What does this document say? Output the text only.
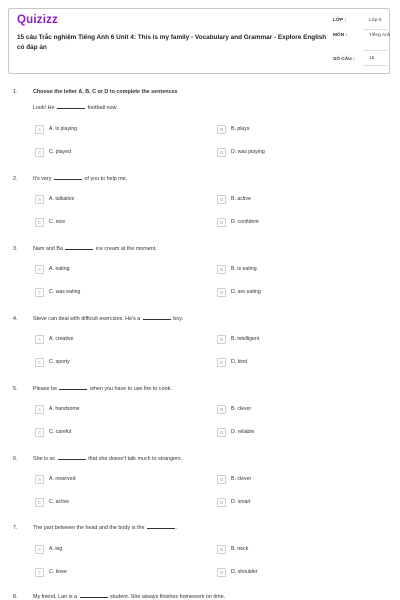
Quizizz
15 câu Trắc nghiệm Tiếng Anh 6 Unit 4: This is my family - Vocabulary and Grammar - Explore English có đáp án
LỚP :	Lớp 6
MÔN :	Tiếng Anh
SỐ CÂU :	15
1.	Choose the letter A, B, C or D to complete the sentences
Look! He	football now.
A	A. is playing	B	B. plays
C	C. played	D	D. was playing
2.	It's very	of you to help me.
A	A. talkative	B	B. active
C	C. nice	D	D. confident
3.	Nam and Ba	ice cream at the moment.
A	A. eating	B	B. is eating
C	C. was eating	D	D. are eating
4.	Steve can deal with difficult exercises. He's a	boy.
A	A. creative	B	B. intelligent
C	C. sporty	D	D. kind
5.	Please be	when you have to use fire to cook.
A	A. handsome	B	B. clever
C	C. careful	D	D. reliable
6.	She is so	that she doesn't talk much to strangers.
A	A. reserved	B	B. clever
C	C. active	D	D. smart
7.	The part between the head and the body is the	.
A	A. leg	B	B. neck
C	C. knee	D	D. shoulder
8.	My friend, Lan is a	student. She always finishes homework on time.
